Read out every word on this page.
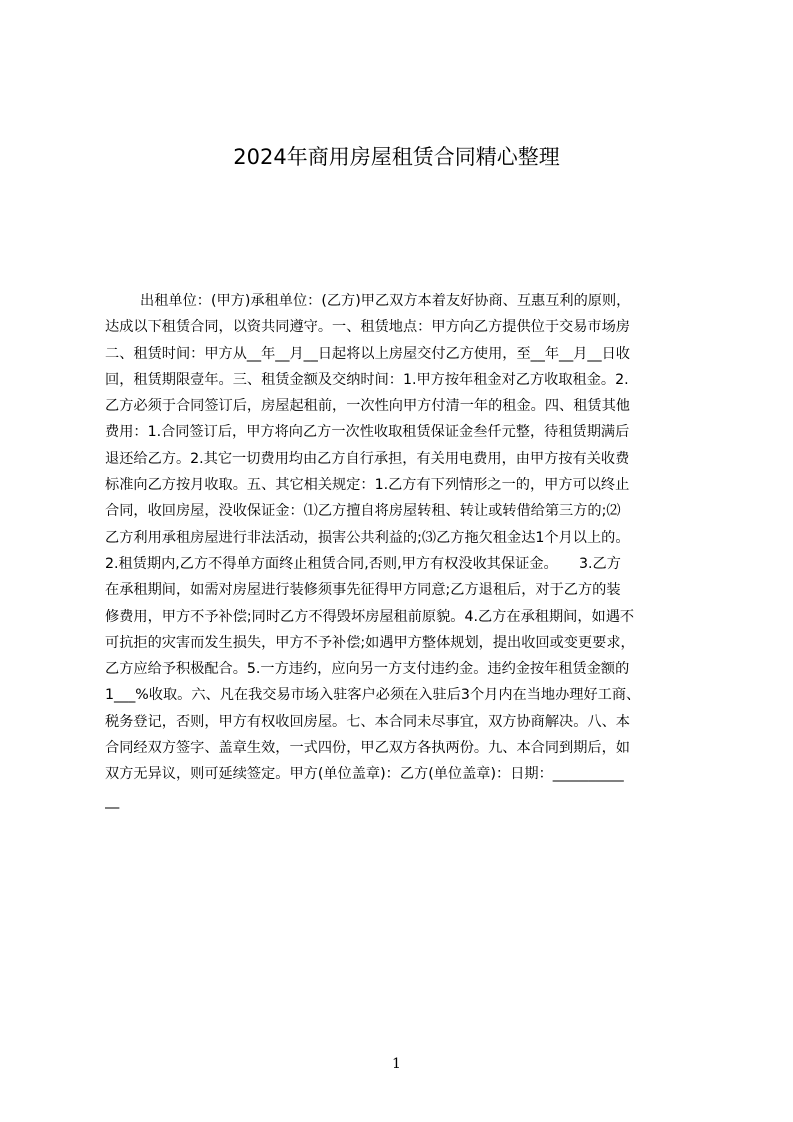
2024年商用房屋租赁合同精心整理
出租单位：(甲方)承租单位：(乙方)甲乙双方本着友好协商、互惠互利的原则，
达成以下租赁合同，以资共同遵守。一、租赁地点：甲方向乙方提供位于交易市场房
二、租赁时间：甲方从__年__月__日起将以上房屋交付乙方使用，至__年__月__日收
回，租赁期限壹年。三、租赁金额及交纳时间：1.甲方按年租金对乙方收取租金。2.
乙方必须于合同签订后，房屋起租前，一次性向甲方付清一年的租金。四、租赁其他
费用：1.合同签订后，甲方将向乙方一次性收取租赁保证金叁仟元整，待租赁期满后
退还给乙方。2.其它一切费用均由乙方自行承担，有关用电费用，由甲方按有关收费
标准向乙方按月收取。五、其它相关规定：1.乙方有下列情形之一的，甲方可以终止
合同，收回房屋，没收保证金：⑴乙方擅自将房屋转租、转让或转借给第三方的;⑵
乙方利用承租房屋进行非法活动，损害公共利益的;⑶乙方拖欠租金达1个月以上的。
2.租赁期内,乙方不得单方面终止租赁合同,否则,甲方有权没收其保证金。　　3.乙方
在承租期间，如需对房屋进行装修须事先征得甲方同意;乙方退租后，对于乙方的装
修费用，甲方不予补偿;同时乙方不得毁坏房屋租前原貌。4.乙方在承租期间，如遇不
可抗拒的灾害而发生损失，甲方不予补偿;如遇甲方整体规划，提出收回或变更要求，
乙方应给予积极配合。5.一方违约，应向另一方支付违约金。违约金按年租赁金额的
1___%收取。六、凡在我交易市场入驻客户必须在入驻后3个月内在当地办理好工商、
税务登记，否则，甲方有权收回房屋。七、本合同未尽事宜，双方协商解决。八、本
合同经双方签字、盖章生效，一式四份，甲乙双方各执两份。九、本合同到期后，如
双方无异议，则可延续签定。甲方(单位盖章)：乙方(单位盖章)：日期：__________
__
1
